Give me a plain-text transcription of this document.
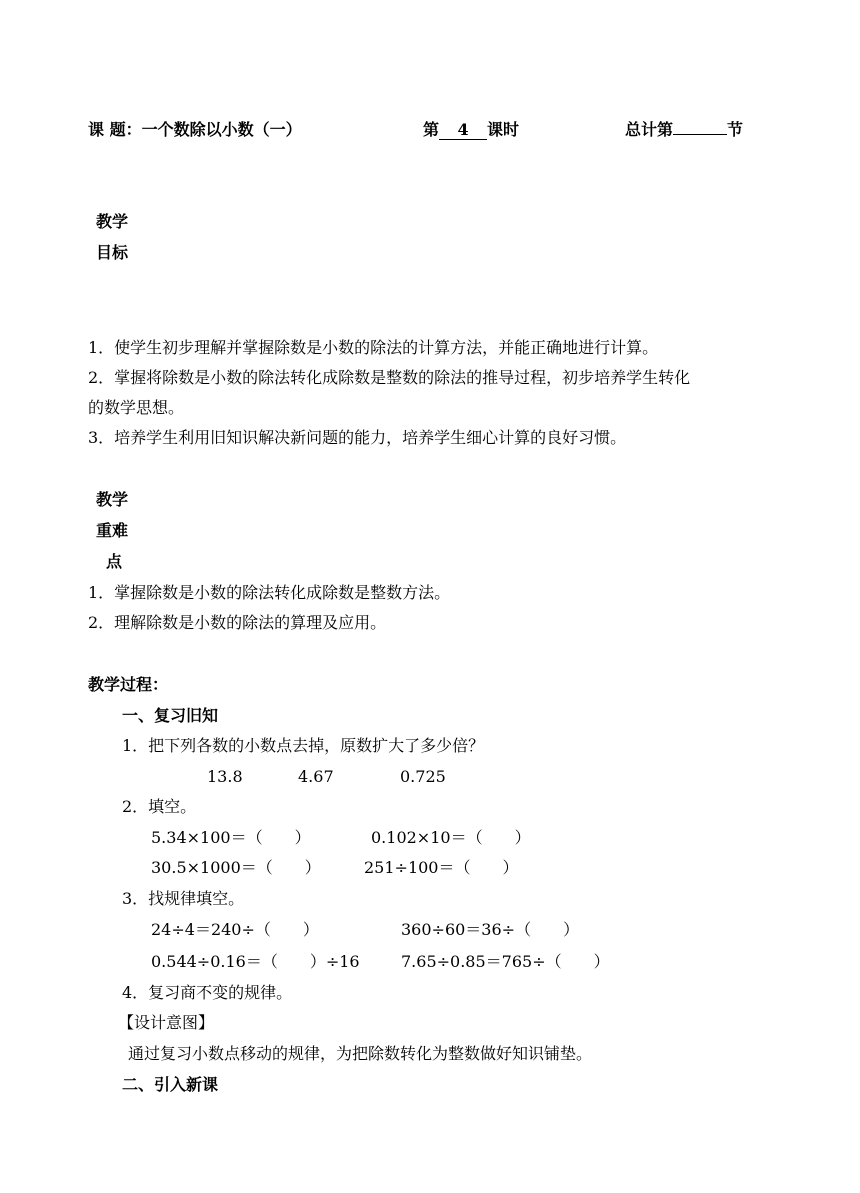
课 题：一个数除以小数（一）	第 4 课时	总计第	节
教学
目标
1．使学生初步理解并掌握除数是小数的除法的计算方法，并能正确地进行计算。
2．掌握将除数是小数的除法转化成除数是整数的除法的推导过程，初步培养学生转化
的数学思想。
3．培养学生利用旧知识解决新问题的能力，培养学生细心计算的良好习惯。
教学
重难
点
1．掌握除数是小数的除法转化成除数是整数方法。
2．理解除数是小数的除法的算理及应用。
教学过程：
一、复习旧知
1．把下列各数的小数点去掉，原数扩大了多少倍？
13.8	4.67	0.725
2．填空。
5.34×100＝（　　）	0.102×10＝（　　）
30.5×1000＝（　　）	251÷100＝（　　）
3．找规律填空。
24÷4＝240÷（　　）	360÷60＝36÷（　　）
0.544÷0.16＝（　　）÷16	7.65÷0.85＝765÷（　　）
4．复习商不变的规律。
【设计意图】
通过复习小数点移动的规律，为把除数转化为整数做好知识铺垫。
二、引入新课
